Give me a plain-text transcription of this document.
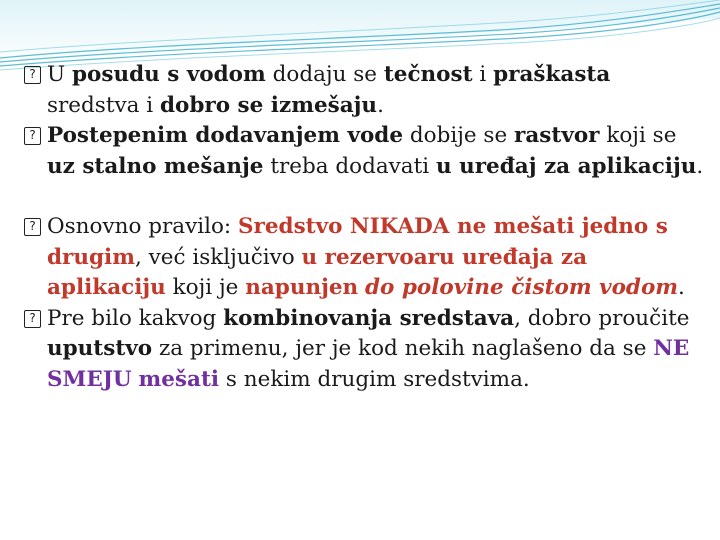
? U posudu s vodom dodaju se tečnost i praškasta sredstva i dobro se izmešaju.
? Postepenim dodavanjem vode dobije se rastvor koji se uz stalno mešanje treba dodavati u uređaj za aplikaciju.
? Osnovno pravilo: Sredstvo NIKADA ne mešati jedno s drugim, već isključivo u rezervoaru uređaja za aplikaciju koji je napunjen do polovine čistom vodom.
? Pre bilo kakvog kombinovanja sredstava, dobro proučite uputstvo za primenu, jer je kod nekih naglašeno da se NE SMEJU mešati s nekim drugim sredstvima.
